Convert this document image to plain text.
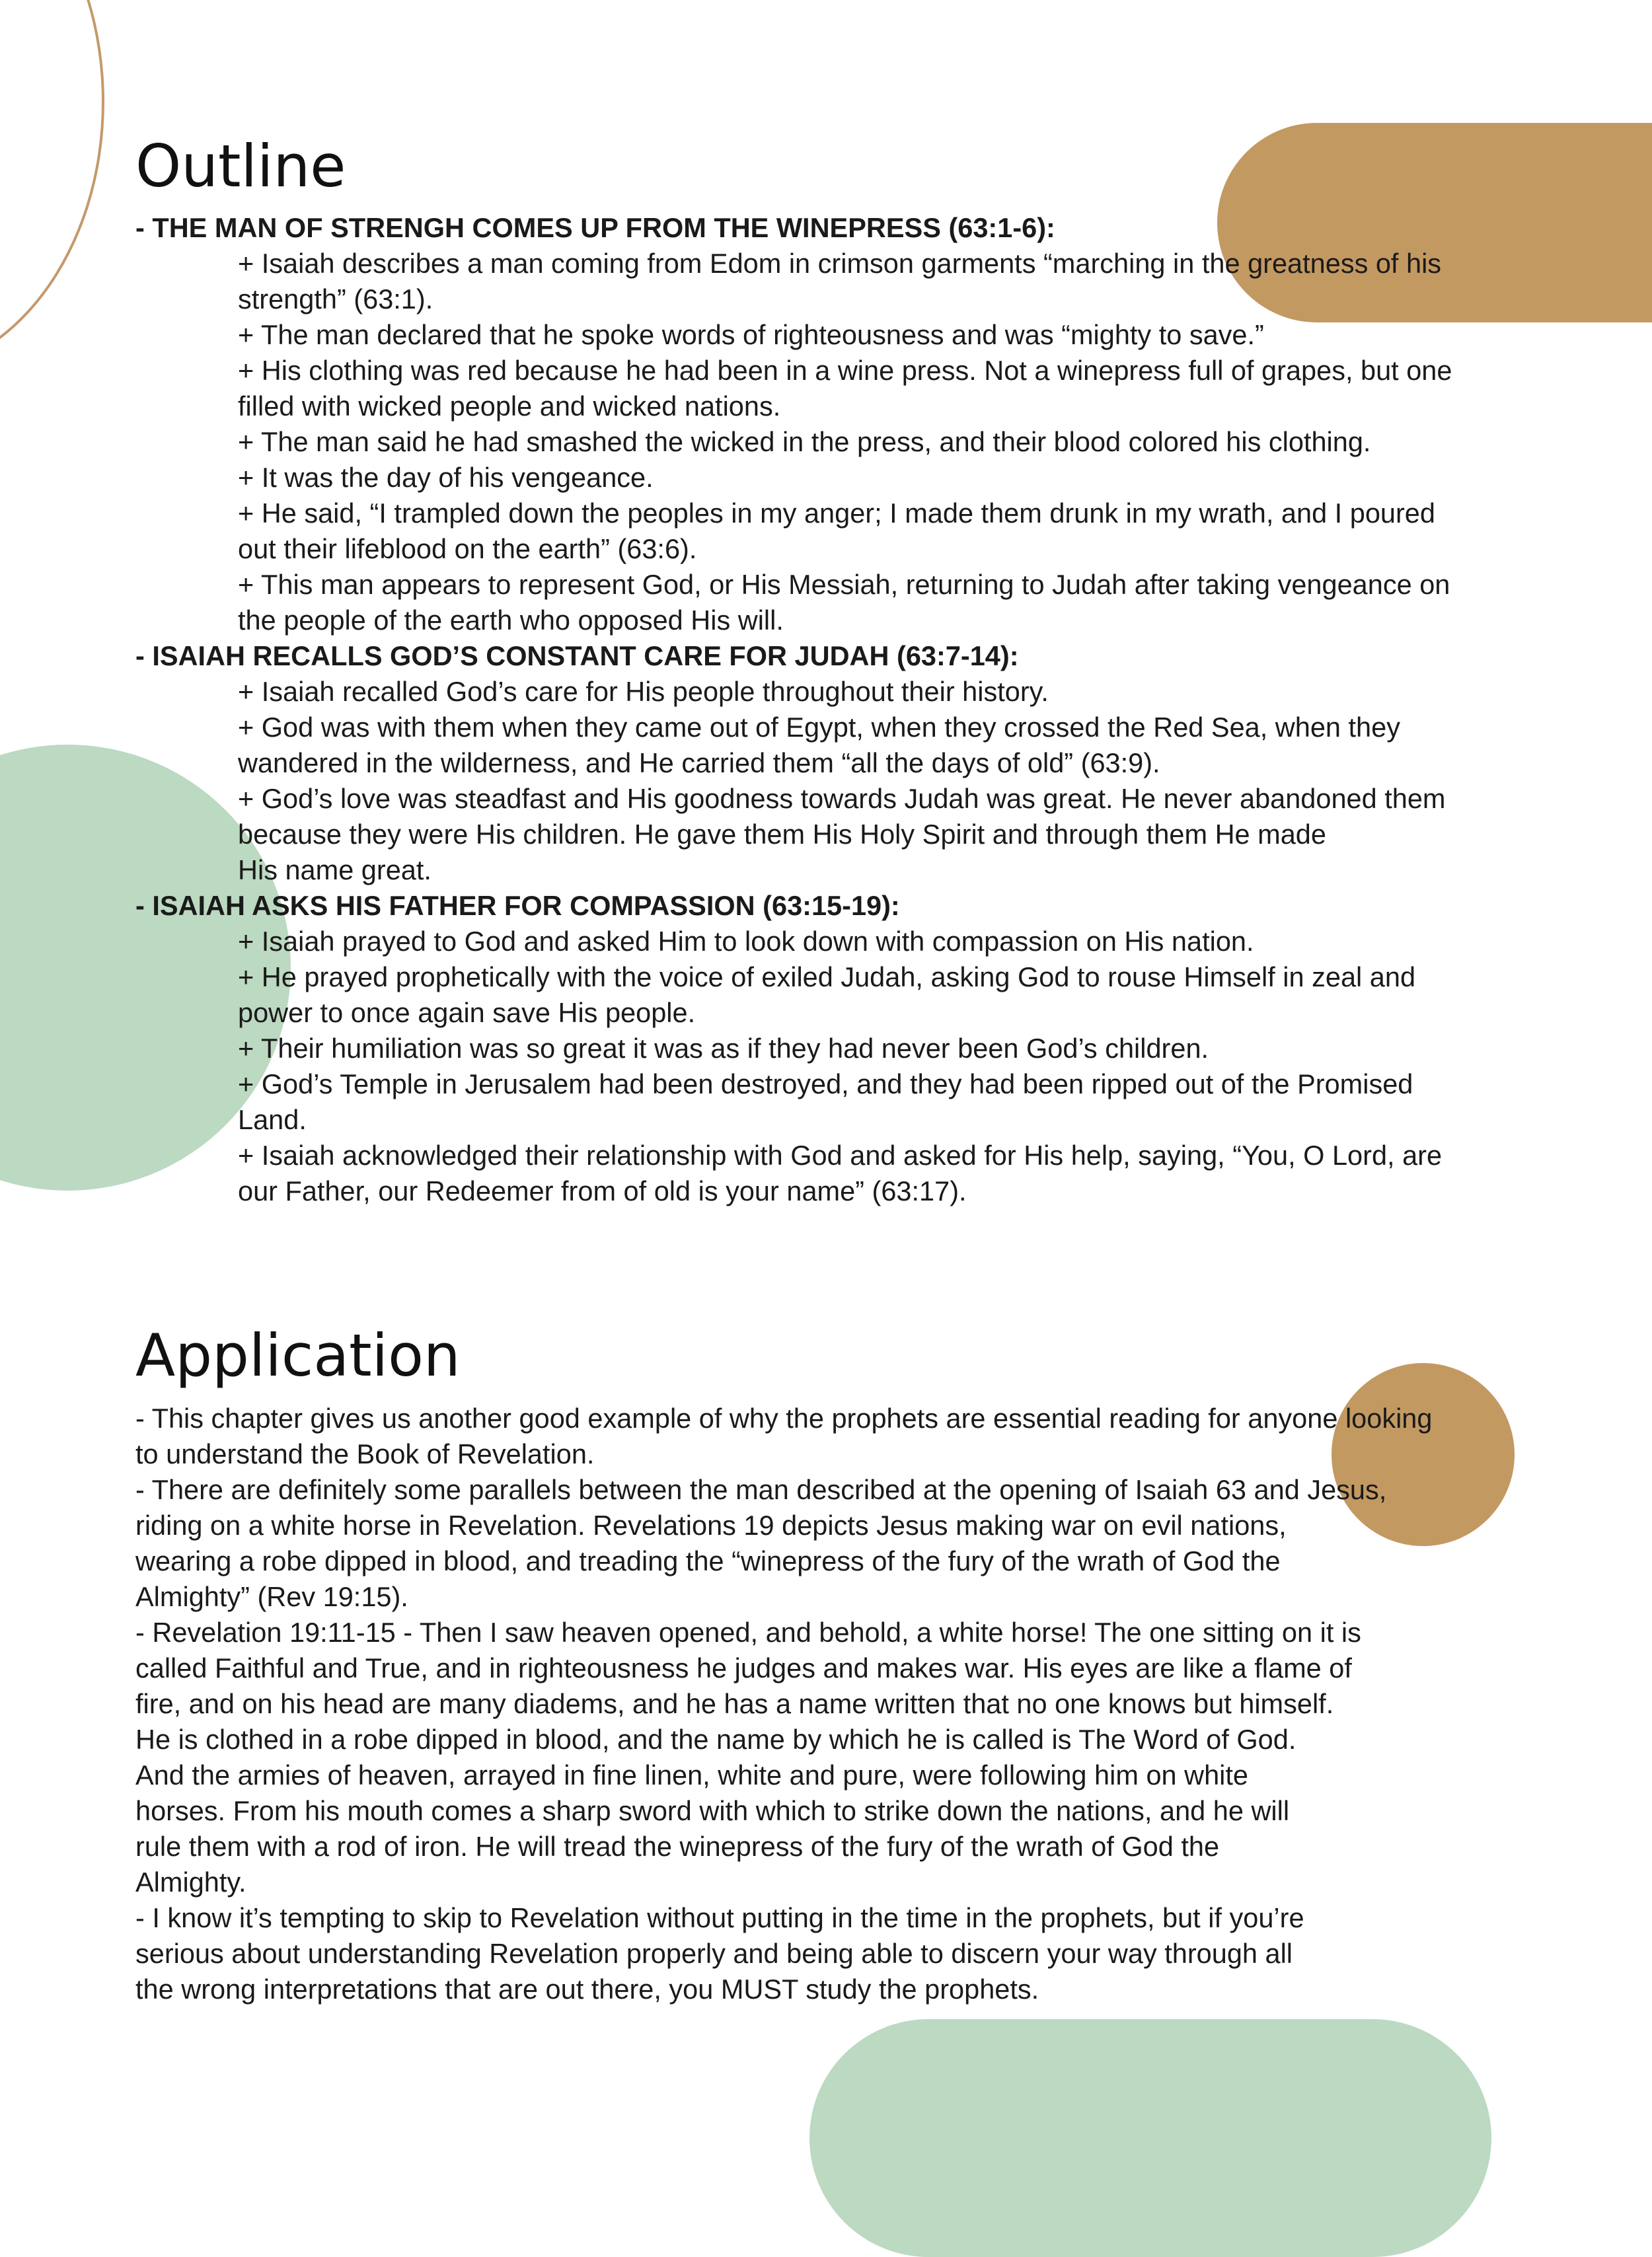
Outline
- THE MAN OF STRENGH COMES UP FROM THE WINEPRESS (63:1-6):
+ Isaiah describes a man coming from Edom in crimson garments “marching in the greatness of his
strength” (63:1).
+ The man declared that he spoke words of righteousness and was “mighty to save.”
+ His clothing was red because he had been in a wine press. Not a winepress full of grapes, but one
filled with wicked people and wicked nations.
+ The man said he had smashed the wicked in the press, and their blood colored his clothing.
+ It was the day of his vengeance.
+ He said, “I trampled down the peoples in my anger; I made them drunk in my wrath, and I poured
out their lifeblood on the earth” (63:6).
+ This man appears to represent God, or His Messiah, returning to Judah after taking vengeance on
the people of the earth who opposed His will.
- ISAIAH RECALLS GOD’S CONSTANT CARE FOR JUDAH (63:7-14):
+ Isaiah recalled God’s care for His people throughout their history.
+ God was with them when they came out of Egypt, when they crossed the Red Sea, when they
wandered in the wilderness, and He carried them “all the days of old” (63:9).
+ God’s love was steadfast and His goodness towards Judah was great. He never abandoned them
because they were His children. He gave them His Holy Spirit and through them He made
His name great.
- ISAIAH ASKS HIS FATHER FOR COMPASSION (63:15-19):
+ Isaiah prayed to God and asked Him to look down with compassion on His nation.
+ He prayed prophetically with the voice of exiled Judah, asking God to rouse Himself in zeal and
power to once again save His people.
+ Their humiliation was so great it was as if they had never been God’s children.
+ God’s Temple in Jerusalem had been destroyed, and they had been ripped out of the Promised
Land.
+ Isaiah acknowledged their relationship with God and asked for His help, saying, “You, O Lord, are
our Father, our Redeemer from of old is your name” (63:17).
Application
- This chapter gives us another good example of why the prophets are essential reading for anyone looking
to understand the Book of Revelation.
- There are definitely some parallels between the man described at the opening of Isaiah 63 and Jesus,
riding on a white horse in Revelation. Revelations 19 depicts Jesus making war on evil nations,
wearing a robe dipped in blood, and treading the “winepress of the fury of the wrath of God the
Almighty” (Rev 19:15).
- Revelation 19:11-15 - Then I saw heaven opened, and behold, a white horse! The one sitting on it is
called Faithful and True, and in righteousness he judges and makes war. His eyes are like a flame of
fire, and on his head are many diadems, and he has a name written that no one knows but himself.
He is clothed in a robe dipped in blood, and the name by which he is called is The Word of God.
And the armies of heaven, arrayed in fine linen, white and pure, were following him on white
horses. From his mouth comes a sharp sword with which to strike down the nations, and he will
rule them with a rod of iron. He will tread the winepress of the fury of the wrath of God the
Almighty.
- I know it’s tempting to skip to Revelation without putting in the time in the prophets, but if you’re
serious about understanding Revelation properly and being able to discern your way through all
the wrong interpretations that are out there, you MUST study the prophets.
